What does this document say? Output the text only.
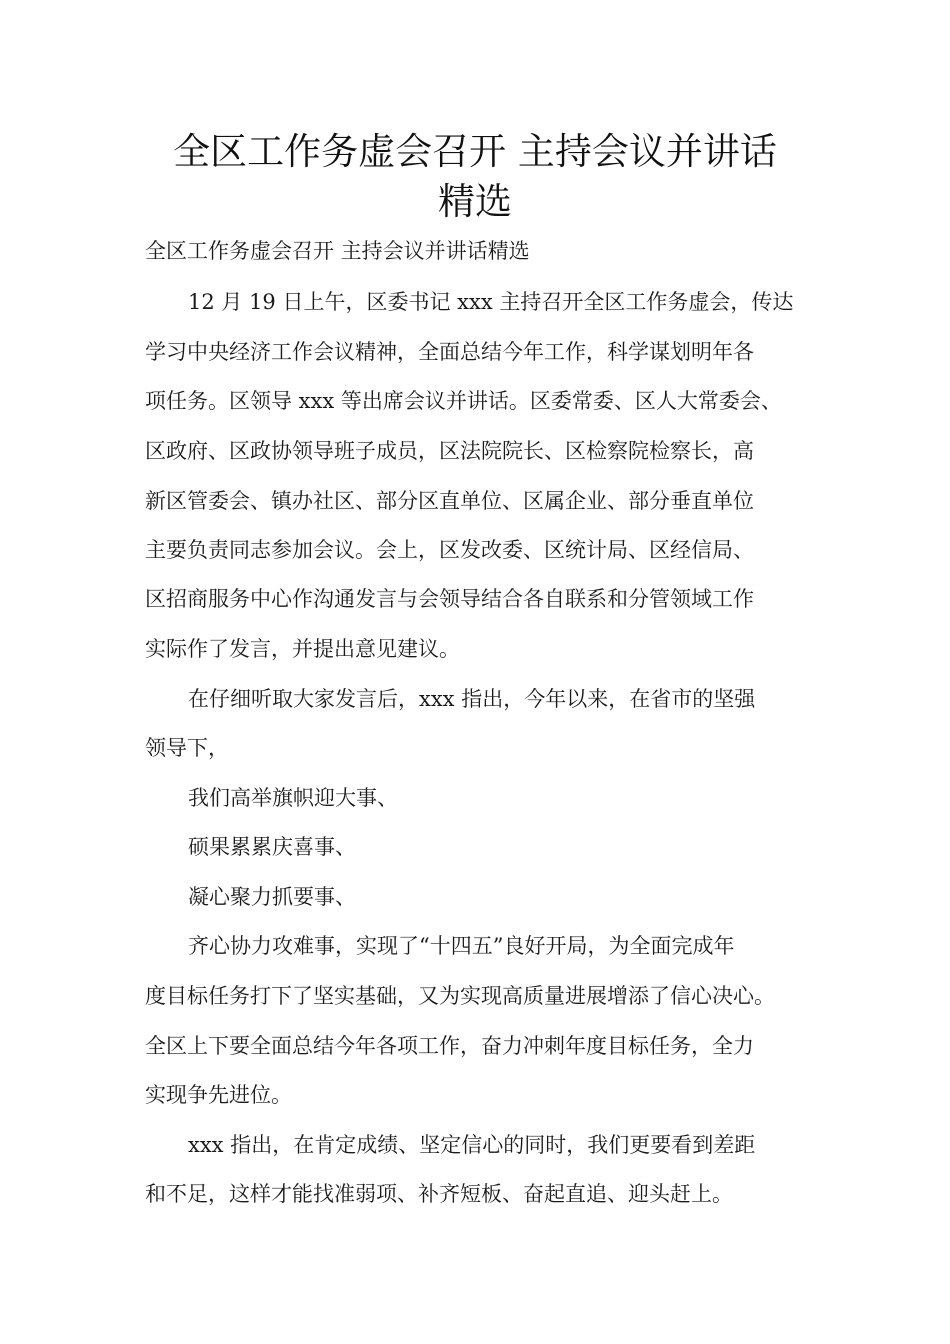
全区工作务虚会召开 主持会议并讲话
精选
全区工作务虚会召开 主持会议并讲话精选
12 月 19 日上午，区委书记 xxx 主持召开全区工作务虚会，传达
学习中央经济工作会议精神，全面总结今年工作，科学谋划明年各
项任务。区领导 xxx 等出席会议并讲话。区委常委、区人大常委会、
区政府、区政协领导班子成员，区法院院长、区检察院检察长，高
新区管委会、镇办社区、部分区直单位、区属企业、部分垂直单位
主要负责同志参加会议。会上，区发改委、区统计局、区经信局、
区招商服务中心作沟通发言与会领导结合各自联系和分管领域工作
实际作了发言，并提出意见建议。
在仔细听取大家发言后，xxx 指出，今年以来，在省市的坚强
领导下，
我们高举旗帜迎大事、
硕果累累庆喜事、
凝心聚力抓要事、
齐心协力攻难事，实现了“十四五”良好开局，为全面完成年
度目标任务打下了坚实基础，又为实现高质量进展增添了信心决心。
全区上下要全面总结今年各项工作，奋力冲刺年度目标任务，全力
实现争先进位。
xxx 指出，在肯定成绩、坚定信心的同时，我们更要看到差距
和不足，这样才能找准弱项、补齐短板、奋起直追、迎头赶上。
